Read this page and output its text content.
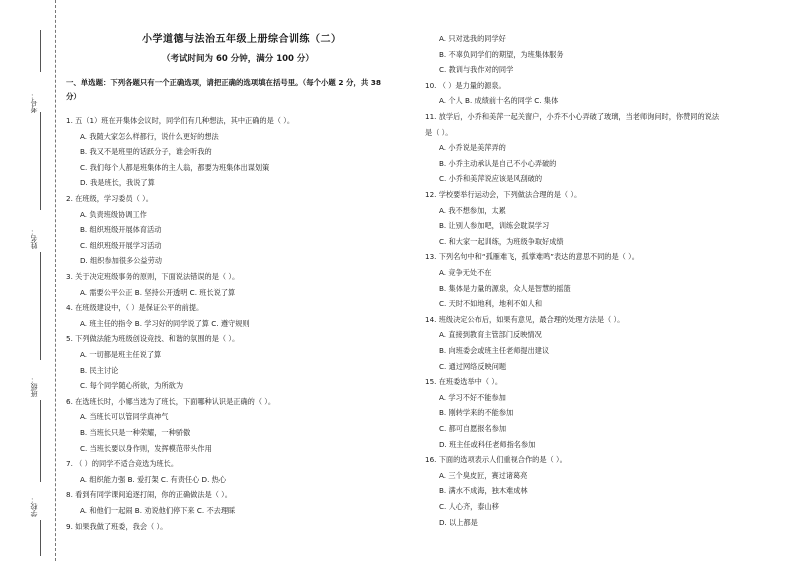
考号：
姓名：
班级：
学校：
小学道德与法治五年级上册综合训练（二）
（考试时间为 60 分钟，满分 100 分）
一、单选题：下列各题只有一个正确选项，请把正确的选项填在括号里。（每个小题 2 分，共 38 分）
1. 五（1）班在开集体会议时，同学们有几种想法，其中正确的是（ ）。
A. 我随大家怎么样都行，说什么更好的想法
B. 我又不是班里的话跃分子，谁会听我的
C. 我们每个人都是班集体的主人翁，都要为班集体出谋划策
D. 我是班长，我说了算
2. 在班级，学习委员（ ）。
A. 负责班级协调工作
B. 组织班级开展体育活动
C. 组织班级开展学习活动
D. 组织参加很多公益劳动
3. 关于决定班级事务的原则，下面说法错误的是（ ）。
A. 需要公平公正 B. 坚持公开透明 C. 班长说了算
4. 在班级建设中，（ ）是保证公平的前提。
A. 班主任的指令 B. 学习好的同学说了算 C. 遵守规则
5. 下列做法能为班级创设竞技、和谐的氛围的是（ ）。
A. 一切都是班主任说了算
B. 民主讨论
C. 每个同学随心所欲，为所欲为
6. 在选班长时，小娜当选为了班长，下面哪种认识是正确的（ ）。
A. 当班长可以管同学真神气
B. 当班长只是一种荣耀，一种骄傲
C. 当班长要以身作则，发挥模范带头作用
7. （ ）的同学不适合竞选为班长。
A. 组织能力强 B. 爱打架 C. 有责任心 D. 热心
8. 看到有同学课间追逐打闹，你的正确做法是（ ）。
A. 和他们一起闹 B. 劝说他们停下来 C. 不去理睬
9. 如果我做了班委，我会（ ）。
A. 只对选我的同学好
B. 不辜负同学们的期望，为班集体服务
C. 教训与我作对的同学
10. （ ）是力量的源泉。
A. 个人 B. 成绩前十名的同学 C. 集体
11. 放学后，小乔和美萍一起关窗户，小乔不小心弄破了玻璃，当老师询问时，你赞同的说法
是（ ）。
A. 小乔说是美萍弄的
B. 小乔主动承认是自己不小心弄破的
C. 小乔和美萍说应该是风刮破的
12. 学校要举行运动会，下列做法合理的是（ ）。
A. 我不想参加，太累
B. 让别人参加吧，训练会耽误学习
C. 和大家一起训练，为班级争取好成绩
13. 下列名句中和“孤雁难飞，孤掌难鸣”表达的意思不同的是（ ）。
A. 竞争无处不在
B. 集体是力量的源泉，众人是智慧的摇篮
C. 天时不如地利，地利不如人和
14. 班级决定公布后，如果有意见，最合理的处理方法是（ ）。
A. 直接到教育主管部门反映情况
B. 向班委会或班主任老师提出建议
C. 通过网络反映问题
15. 在班委选举中（ ）。
A. 学习不好不能参加
B. 刚转学来的不能参加
C. 都可自愿报名参加
D. 班主任或科任老师指名参加
16. 下面的选项表示人们重视合作的是（ ）。
A. 三个臭皮匠，赛过诸葛亮
B. 满水不成海，独木难成林
C. 人心齐，泰山移
D. 以上都是
